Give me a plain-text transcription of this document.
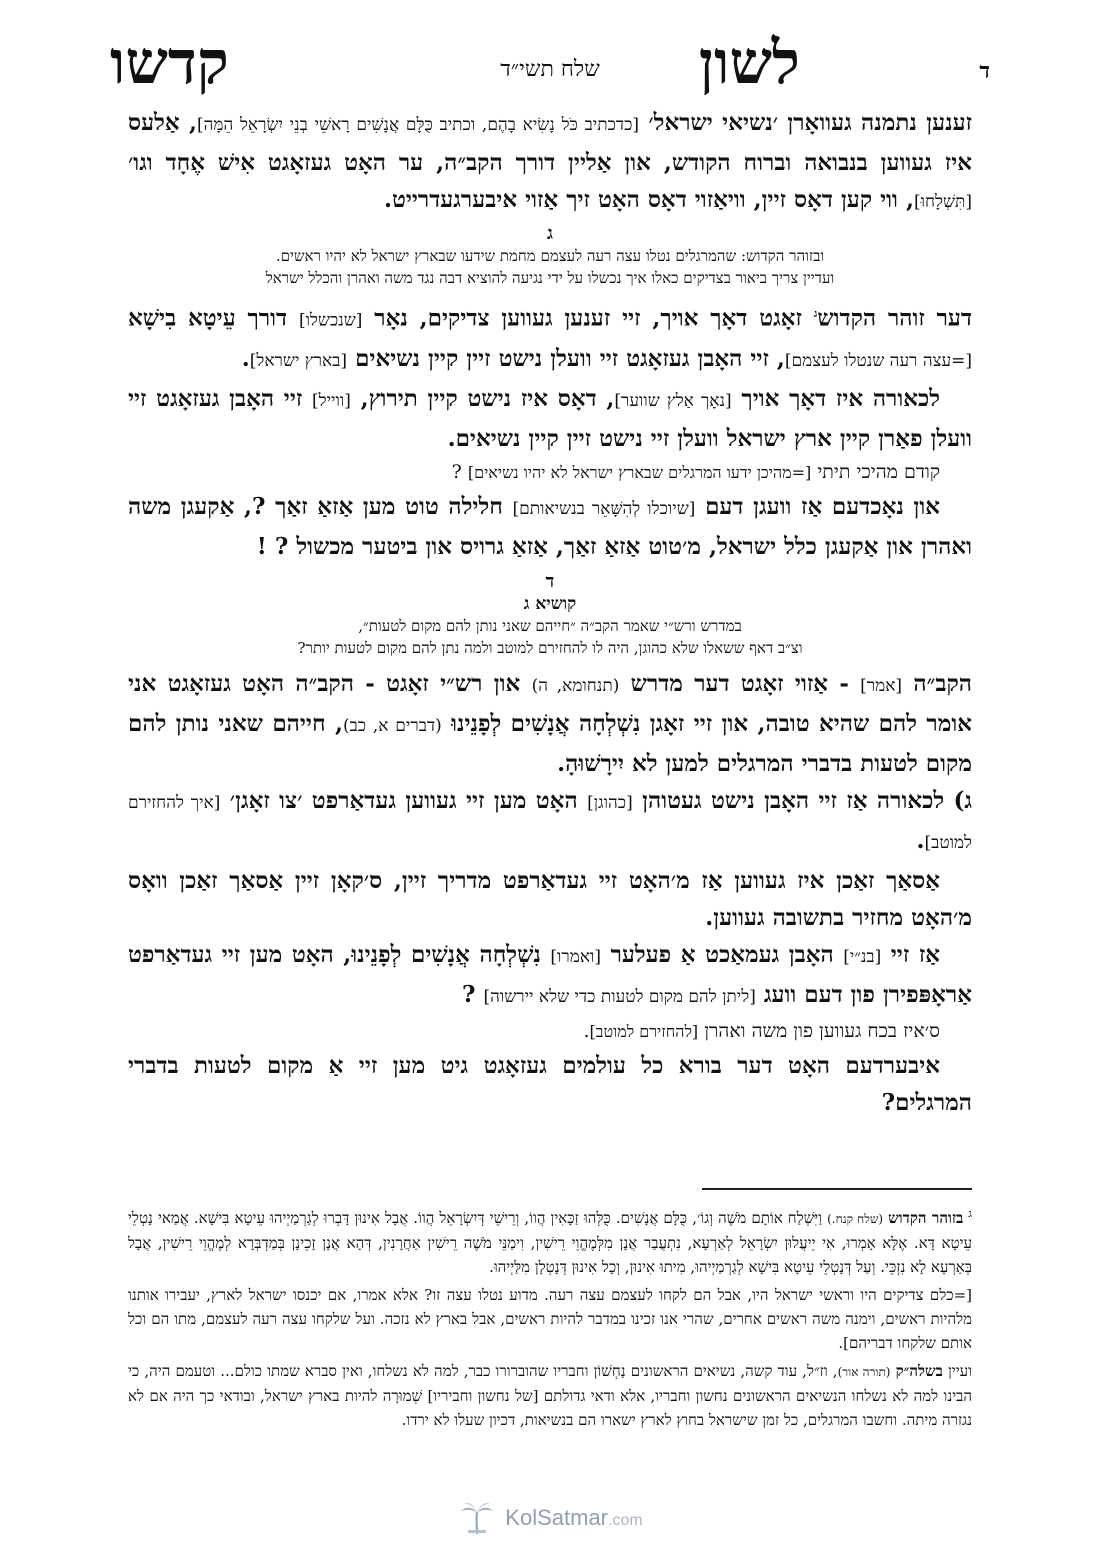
ד
לשון
שלח תשי״ד
קדשו

זענען נתמנה געוואָרן ׳נשיאי ישראל׳ [כדכתיב כֹּל נָשִׂיא בָהֶם, וכתיב כֻּלָּם אֲנָשִׁים רָאשֵׁי בְנֵי יִשְׂרָאֵל הֵמָּה], אַלעס איז געווען בנבואה וברוח הקודש, און אַליין דורך הקב״ה, ער האָט געזאָגט אִישׁ אֶחָד וגו׳ [תִּשְׁלָחוּ], ווי קען דאָס זיין, וויאַזוי דאָס האָט זיך אַזוי איבערגעדרייט.

ג
ובזוהר הקדוש: שהמרגלים נטלו עצה רעה לעצמם מחמת שידעו שבארץ ישראל לא יהיו ראשים.
ועדיין צריך ביאור בצדיקים כאלו איך נכשלו על ידי נגיעה להוציא דבה נגד משה ואהרן והכלל ישראל

דער זוהר הקדוש$^ג$ זאָגט דאָך אויך, זיי זענען געווען צדיקים, נאָר [שנכשלו] דורך עֵיטָא בִישָׁא [=עצה רעה שנטלו לעצמם], זיי האָבן געזאָגט זיי וועלן נישט זיין קיין נשיאים [בארץ ישראל].

לכאורה איז דאָך אויך [נאָך אַלץ שווער], דאָס איז נישט קיין תירוץ, [ווייל] זיי האָבן געזאָגט זיי וועלן פאַרן קיין ארץ ישראל וועלן זיי נישט זיין קיין נשיאים.

קודם מהיכי תיתי [=מהיכן ידעו המרגלים שבארץ ישראל לא יהיו נשיאים] ?

און נאָכדעם אַז וועגן דעם [שיוכלו לְהִשָּׁאֵר בנשיאותם] חלילה טוט מען אַזאַ זאַך ?, אַקעגן משה ואהרן און אַקעגן כלל ישראל, מ׳טוט אַזאַ זאַך, אַזאַ גרויס און ביטער מכשול ? !

ד
קושיא ג
במדרש ורש״י שאמר הקב״ה ״חייהם שאני נותן להם מקום לטעות״,
וצ״ב דאף ששאלו שלא כהוגן, היה לו להחזירם למוטב ולמה נתן להם מקום לטעות יותר?

הקב״ה [אמר] - אַזוי זאָגט דער מדרש (תנחומא, ה) און רש״י זאָגט - הקב״ה האָט געזאָגט אני אומר להם שהיא טובה, און זיי זאָגן נִשְׁלְחָה אֲנָשִׁים לְפָנֵינוּ (דברים א, כב), חייהם שאני נותן להם מקום לטעות בדברי המרגלים למען לא יִירָשׁוּהָ.

ג) לכאורה אַז זיי האָבן נישט געטוהן [כהוגן] האָט מען זיי געווען געדאַרפט ׳צו זאָגן׳ [איך להחזירם למוטב].

אַסאַך זאַכן איז געווען אַז מ׳האָט זיי געדאַרפט מדריך זיין, ס׳קאָן זיין אַסאַך זאַכן וואָס מ׳האָט מחזיר בתשובה געווען.

אַז זיי [בנ״י] האָבן געמאַכט אַ פעלער [ואמרו] נִשְׁלְחָה אֲנָשִׁים לְפָנֵינוּ, האָט מען זיי געדאַרפט אַראָפּפירן פון דעם וועג [ליתן להם מקום לטעות כדי שלא יירשוה] ?

ס׳איז בכח געווען פון משה ואהרן [להחזירם למוטב].

איבערדעם האָט דער בורא כל עולמים געזאָגט גיט מען זיי אַ מקום לטעות בדברי המרגלים?

$^ג$ בזוהר הקדוש (שלח קנח.) וַיִּשְׁלַח אוֹתָם מֹשֶׁה וְגוֹ׳, כֻּלָּם אֲנָשִׁים. כֻּלְּהוּ זַכָּאִין הֲווֹ, וְרֵישֵׁי דְּיִשְׂרָאֵל הֲווֹ. אֲבָל אִינוּן דָּבְרוּ לְגַרְמַיְיהוּ עֵיטָא בִּישָׁא. אֲמַאי נָטְלֵי עֵיטָא דָּא. אֶלָּא אָמְרוּ, אִי יֵיעֲלוּן יִשְׂרָאֵל לְאַרְעָא, נִתְעֲבַר אֲנָן מִלְּמֶהֱוֵי רֵישִׁין, וִימַנֵּי מֹשֶׁה רֵישִׁין אַחֲרָנִין, דְּהָא אֲנָן זָכֵינָן בְּמַדְבְּרָא לְמֶהֱוֵי רֵישִׁין, אֲבָל בְּאַרְעָא לָא נִזְכֵּי. וְעַל דְּנָטְלֵי עֵיטָא בִּישָׁא לְגַרְמַיְיהוּ, מִיתוּ אִינוּן, וְכָל אִינוּן דְּנָטְלָן מִלַּיְיהוּ.

[=כלם צדיקים היו וראשי ישראל היו, אבל הם לקחו לעצמם עצה רעה. מדוע נטלו עצה זו? אלא אמרו, אם יכנסו ישראל לארץ, יעבירו אותנו מלהיות ראשים, וימנה משה ראשים אחרים, שהרי אנו זכינו במדבר להיות ראשים, אבל בארץ לא נזכה. ועל שלקחו עצה רעה לעצמם, מתו הם וכל אותם שלקחו דבריהם].

ועיין בשלה״ק (תורה אור), וז״ל, עוד קשה, נשיאים הראשונים נַחְשׁוֹן וחבריו שהוברורו כבר, למה לא נשלחו, ואין סברא שמתו כולם... וטעמם היה, כי הבינו למה לא נשלחו הנשיאים הראשונים נחשון וחבריו, אלא ודאי גדולתם [של נחשון וחביריו] שְׁמוּרָה להיות בארץ ישראל, ובודאי כך היה אם לא נגזרה מיתה. וחשבו המרגלים, כל זמן שישראל בחוץ לארץ ישארו הם בנשיאות, דכיון שעלו לא ירדו.

KolSatmar.com
